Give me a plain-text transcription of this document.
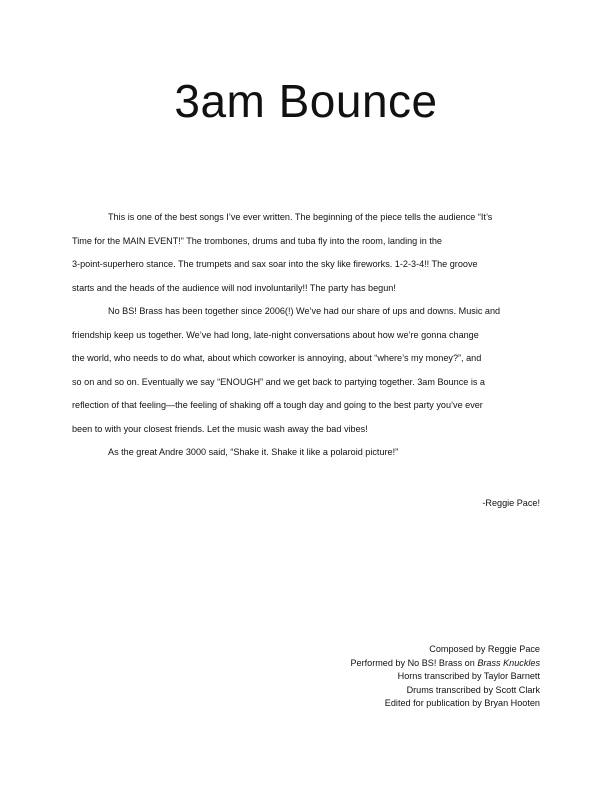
3am Bounce

This is one of the best songs I’ve ever written. The beginning of the piece tells the audience “It’s
Time for the MAIN EVENT!” The trombones, drums and tuba fly into the room, landing in the
3-point-superhero stance. The trumpets and sax soar into the sky like fireworks. 1-2-3-4!! The groove
starts and the heads of the audience will nod involuntarily!! The party has begun!

No BS! Brass has been together since 2006(!) We’ve had our share of ups and downs. Music and
friendship keep us together. We’ve had long, late-night conversations about how we’re gonna change
the world, who needs to do what, about which coworker is annoying, about “where’s my money?”, and
so on and so on. Eventually we say “ENOUGH” and we get back to partying together. 3am Bounce is a
reflection of that feeling—the feeling of shaking off a tough day and going to the best party you’ve ever
been to with your closest friends. Let the music wash away the bad vibes!

As the great Andre 3000 said, “Shake it. Shake it like a polaroid picture!”

-Reggie Pace!
Composed by Reggie Pace
Performed by No BS! Brass on Brass Knuckles
Horns transcribed by Taylor Barnett
Drums transcribed by Scott Clark
Edited for publication by Bryan Hooten
